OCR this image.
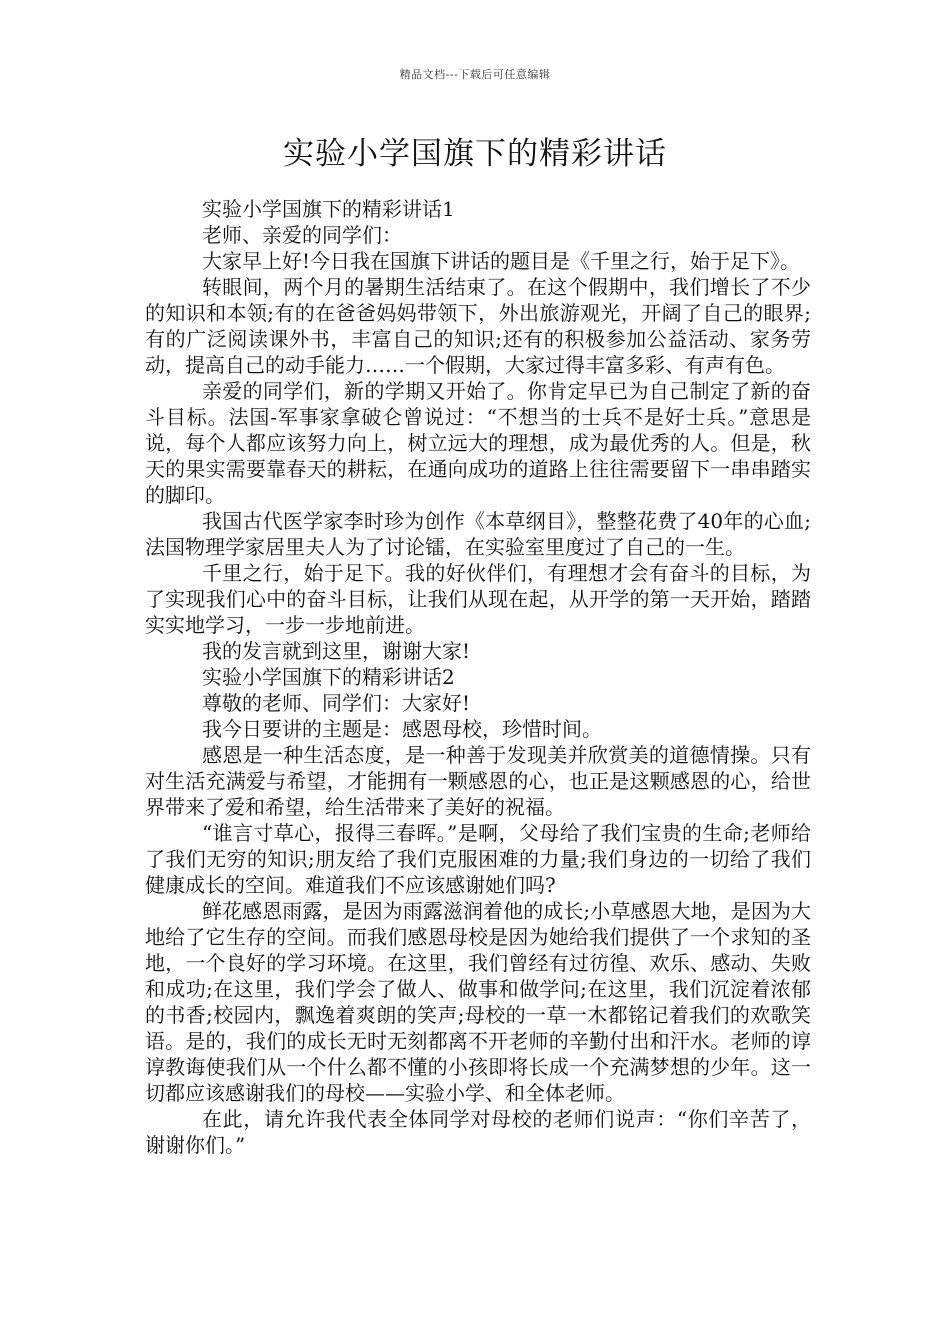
精品文档---下载后可任意编辑
实验小学国旗下的精彩讲话

实验小学国旗下的精彩讲话1

老师、亲爱的同学们：

大家早上好!今日我在国旗下讲话的题目是《千里之行，始于足下》。

转眼间，两个月的暑期生活结束了。在这个假期中，我们增长了不少的知识和本领;有的在爸爸妈妈带领下，外出旅游观光，开阔了自己的眼界;有的广泛阅读课外书，丰富自己的知识;还有的积极参加公益活动、家务劳动，提高自己的动手能力……一个假期，大家过得丰富多彩、有声有色。

亲爱的同学们，新的学期又开始了。你肯定早已为自己制定了新的奋斗目标。法国-军事家拿破仑曾说过：“不想当的士兵不是好士兵。”意思是说，每个人都应该努力向上，树立远大的理想，成为最优秀的人。但是，秋天的果实需要靠春天的耕耘，在通向成功的道路上往往需要留下一串串踏实的脚印。

我国古代医学家李时珍为创作《本草纲目》，整整花费了40年的心血;法国物理学家居里夫人为了讨论镭，在实验室里度过了自己的一生。

千里之行，始于足下。我的好伙伴们，有理想才会有奋斗的目标，为了实现我们心中的奋斗目标，让我们从现在起，从开学的第一天开始，踏踏实实地学习，一步一步地前进。

我的发言就到这里，谢谢大家!

实验小学国旗下的精彩讲话2

尊敬的老师、同学们：大家好!

我今日要讲的主题是：感恩母校，珍惜时间。

感恩是一种生活态度，是一种善于发现美并欣赏美的道德情操。只有对生活充满爱与希望，才能拥有一颗感恩的心，也正是这颗感恩的心，给世界带来了爱和希望，给生活带来了美好的祝福。

“谁言寸草心，报得三春晖。”是啊，父母给了我们宝贵的生命;老师给了我们无穷的知识;朋友给了我们克服困难的力量;我们身边的一切给了我们健康成长的空间。难道我们不应该感谢她们吗?

鲜花感恩雨露，是因为雨露滋润着他的成长;小草感恩大地，是因为大地给了它生存的空间。而我们感恩母校是因为她给我们提供了一个求知的圣地，一个良好的学习环境。在这里，我们曾经有过彷徨、欢乐、感动、失败和成功;在这里，我们学会了做人、做事和做学问;在这里，我们沉淀着浓郁的书香;校园内，飘逸着爽朗的笑声;母校的一草一木都铭记着我们的欢歌笑语。是的，我们的成长无时无刻都离不开老师的辛勤付出和汗水。老师的谆谆教诲使我们从一个什么都不懂的小孩即将长成一个充满梦想的少年。这一切都应该感谢我们的母校——实验小学、和全体老师。

在此，请允许我代表全体同学对母校的老师们说声：“你们辛苦了，谢谢你们。”
